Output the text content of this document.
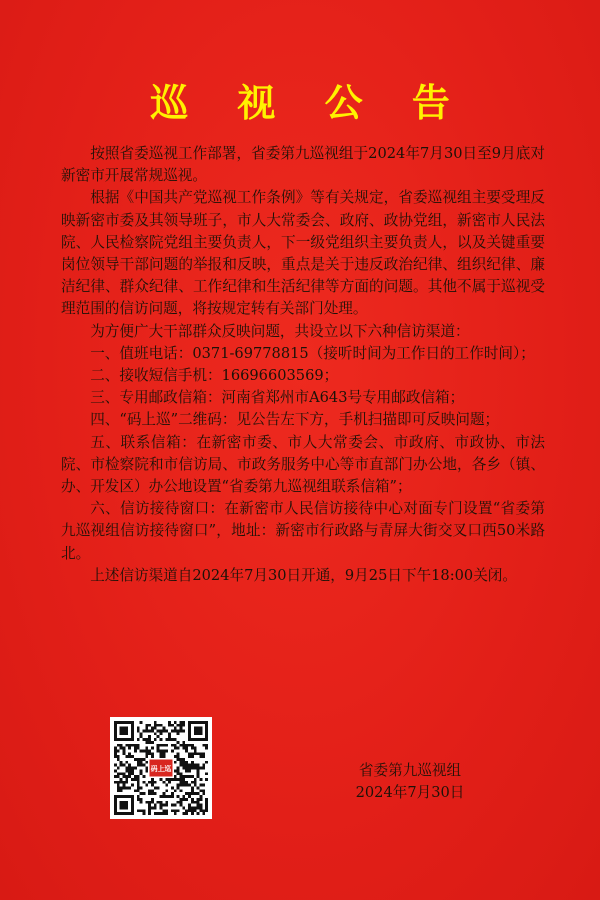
巡 视 公 告

按照省委巡视工作部署，省委第九巡视组于2024年7月30日至9月底对新密市开展常规巡视。

根据《中国共产党巡视工作条例》等有关规定，省委巡视组主要受理反映新密市委及其领导班子，市人大常委会、政府、政协党组，新密市人民法院、人民检察院党组主要负责人，下一级党组织主要负责人，以及关键重要岗位领导干部问题的举报和反映，重点是关于违反政治纪律、组织纪律、廉洁纪律、群众纪律、工作纪律和生活纪律等方面的问题。其他不属于巡视受理范围的信访问题，将按规定转有关部门处理。

为方便广大干部群众反映问题，共设立以下六种信访渠道：

一、值班电话：0371-69778815（接听时间为工作日的工作时间）；

二、接收短信手机：16696603569；

三、专用邮政信箱：河南省郑州市A643号专用邮政信箱；

四、“码上巡”二维码：见公告左下方，手机扫描即可反映问题；

五、联系信箱：在新密市委、市人大常委会、市政府、市政协、市法院、市检察院和市信访局、市政务服务中心等市直部门办公地，各乡（镇、办、开发区）办公地设置“省委第九巡视组联系信箱”；

六、信访接待窗口：在新密市人民信访接待中心对面专门设置“省委第九巡视组信访接待窗口”，地址：新密市行政路与青屏大街交叉口西50米路北。

上述信访渠道自2024年7月30日开通，9月25日下午18:00关闭。

码上巡	省委第九巡视组
2024年7月30日
